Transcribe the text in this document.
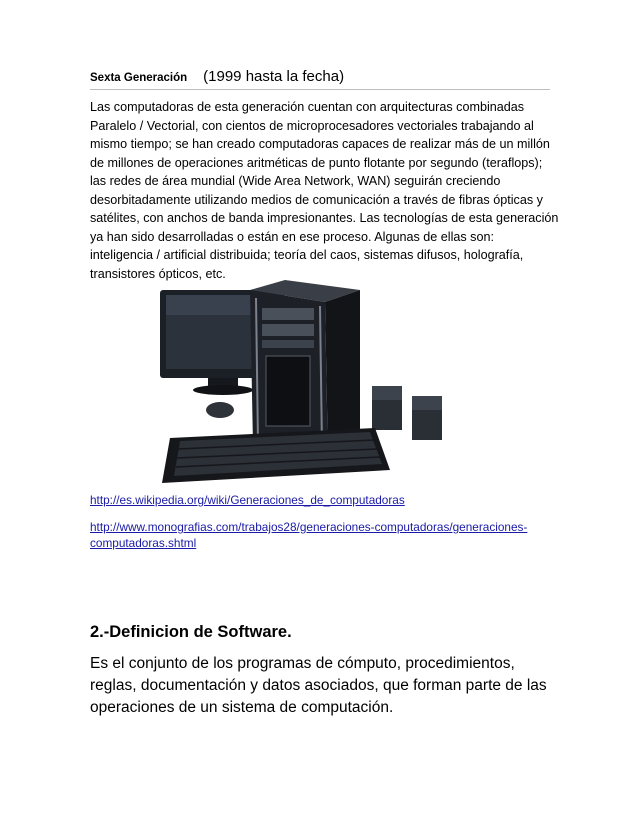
Sexta Generación (1999 hasta la fecha)

Las computadoras de esta generación cuentan con arquitecturas combinadas Paralelo / Vectorial, con cientos de microprocesadores vectoriales trabajando al mismo tiempo; se han creado computadoras capaces de realizar más de un millón de millones de operaciones aritméticas de punto flotante por segundo (teraflops); las redes de área mundial (Wide Area Network, WAN) seguirán creciendo desorbitadamente utilizando medios de comunicación a través de fibras ópticas y satélites, con anchos de banda impresionantes. Las tecnologías de esta generación ya han sido desarrolladas o están en ese proceso. Algunas de ellas son: inteligencia / artificial distribuida; teoría del caos, sistemas difusos, holografía, transistores ópticos, etc.

http://es.wikipedia.org/wiki/Generaciones_de_computadoras
http://www.monografias.com/trabajos28/generaciones-computadoras/generaciones-computadoras.shtml
2.-Definicion de Software.

Es el conjunto de los programas de cómputo, procedimientos, reglas, documentación y datos asociados, que forman parte de las operaciones de un sistema de computación.
